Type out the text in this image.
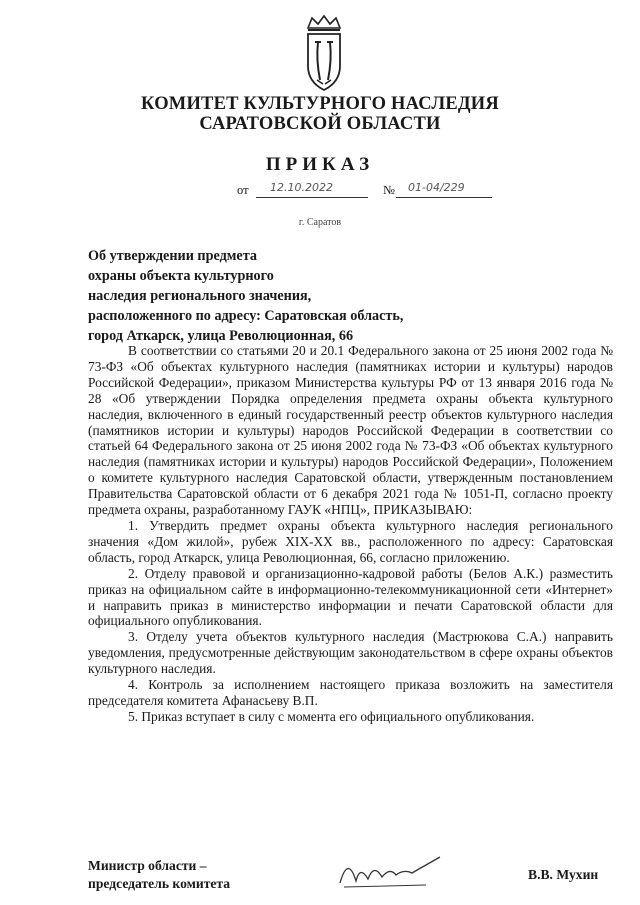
КОМИТЕТ КУЛЬТУРНОГО НАСЛЕДИЯ
САРАТОВСКОЙ ОБЛАСТИ
ПРИКАЗ
от 12.10.2022	№ 01-04/229
г. Саратов
Об утверждении предмета
охраны объекта культурного
наследия регионального значения,
расположенного по адресу: Саратовская область,
город Аткарск, улица Революционная, 66

В соответствии со статьями 20 и 20.1 Федерального закона от 25 июня 2002 года № 73-ФЗ «Об объектах культурного наследия (памятниках истории и культуры) народов Российской Федерации», приказом Министерства культуры РФ от 13 января 2016 года № 28 «Об утверждении Порядка определения предмета охраны объекта культурного наследия, включенного в единый государственный реестр объектов культурного наследия (памятников истории и культуры) народов Российской Федерации в соответствии со статьей 64 Федерального закона от 25 июня 2002 года № 73-ФЗ «Об объектах культурного наследия (памятниках истории и культуры) народов Российской Федерации», Положением о комитете культурного наследия Саратовской области, утвержденным постановлением Правительства Саратовской области от 6 декабря 2021 года № 1051-П, согласно проекту предмета охраны, разработанному ГАУК «НПЦ», ПРИКАЗЫВАЮ:

1. Утвердить предмет охраны объекта культурного наследия регионального значения «Дом жилой», рубеж XIX-XX вв., расположенного по адресу: Саратовская область, город Аткарск, улица Революционная, 66, согласно приложению.

2. Отделу правовой и организационно-кадровой работы (Белов А.К.) разместить приказ на официальном сайте в информационно-телекоммуникационной сети «Интернет» и направить приказ в министерство информации и печати Саратовской области для официального опубликования.

3. Отделу учета объектов культурного наследия (Мастрюкова С.А.) направить уведомления, предусмотренные действующим законодательством в сфере охраны объектов культурного наследия.

4. Контроль за исполнением настоящего приказа возложить на заместителя председателя комитета Афанасьеву В.П.

5. Приказ вступает в силу с момента его официального опубликования.

Министр области –
председатель комитета
В.В. Мухин
